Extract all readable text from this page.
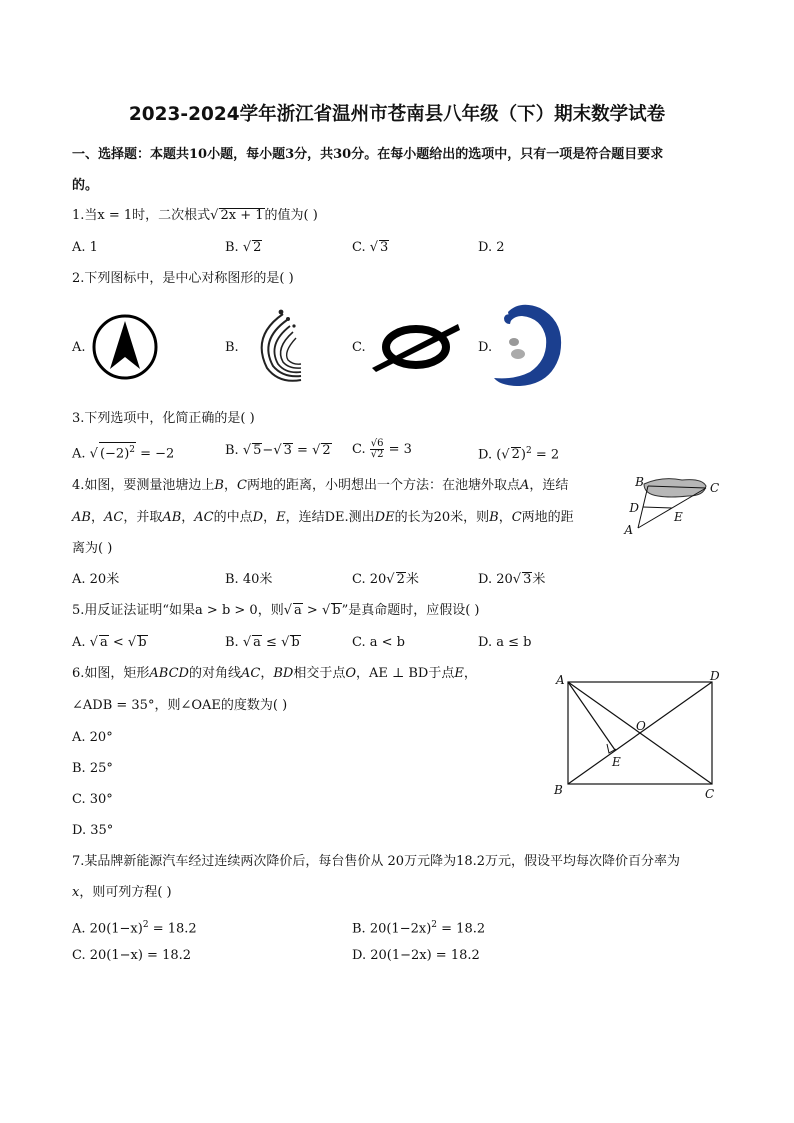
2023-2024学年浙江省温州市苍南县八年级（下）期末数学试卷
一、选择题：本题共10小题，每小题3分，共30分。在每小题给出的选项中，只有一项是符合题目要求
的。
1.当x = 1时，二次根式√ 2x + 1的值为( )
A. 1	B. √ 2	C. √ 3	D. 2
2.下列图标中，是中心对称图形的是( )
A.	B.	C.	D.
3.下列选项中，化简正确的是( )
A. √ $(-2)^2 = -2$	B. √ 5−√ 3 = √ 2 C. $\frac{√6}{√2} = 3$	D. (√ 2)$^2$ = 2
4.如图，要测量池塘边上B，C两地的距离，小明想出一个方法：在池塘外取点A，连结
AB，AC，并取AB，AC的中点D，E，连结DE.测出DE的长为20米，则B，C两地的距
离为( )
A. 20米	B. 40米	C. 20√ 2米	D. 20√ 3米
B	C
D
E
A
5.用反证法证明“如果a > b > 0，则√ a > √ b”是真命题时，应假设( )
A. √ a < √ b	B. √ a ≤ √ b	C. a < b	D. a ≤ b
6.如图，矩形ABCD的对角线AC，BD相交于点O，AE ⊥ BD于点E，
∠ADB = 35°，则∠OAE的度数为( )
A. 20°
B. 25°
C. 30°
D. 35°
A	D
O
E
B	C
7.某品牌新能源汽车经过连续两次降价后，每台售价从 20万元降为18.2万元，假设平均每次降价百分率为
x，则可列方程( )
A. $20(1-x)^2 = 18.2$	B. $20(1-2x)^2 = 18.2$
C. 20(1−x) = 18.2	D. 20(1−2x) = 18.2
